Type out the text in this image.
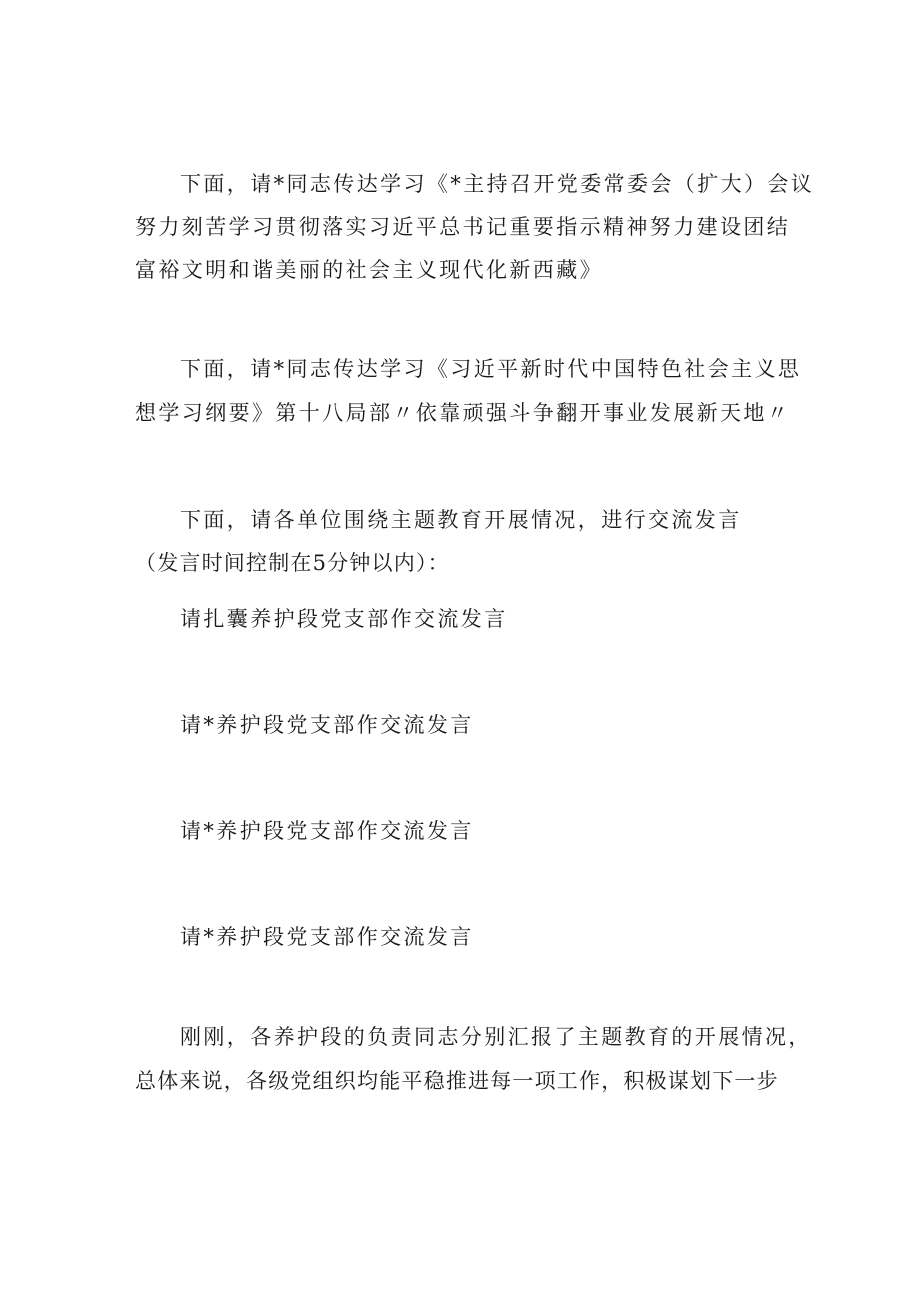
下面，请*同志传达学习《*主持召开党委常委会（扩大）会议
努力刻苦学习贯彻落实习近平总书记重要指示精神努力建设团结
富裕文明和谐美丽的社会主义现代化新西藏》
下面，请*同志传达学习《习近平新时代中国特色社会主义思
想学习纲要》第十八局部〃依靠顽强斗争翻开事业发展新天地〃
下面，请各单位围绕主题教育开展情况，进行交流发言
（发言时间控制在5分钟以内）：
请扎囊养护段党支部作交流发言
请*养护段党支部作交流发言
请*养护段党支部作交流发言
请*养护段党支部作交流发言
刚刚，各养护段的负责同志分别汇报了主题教育的开展情况，
总体来说，各级党组织均能平稳推进每一项工作，积极谋划下一步
